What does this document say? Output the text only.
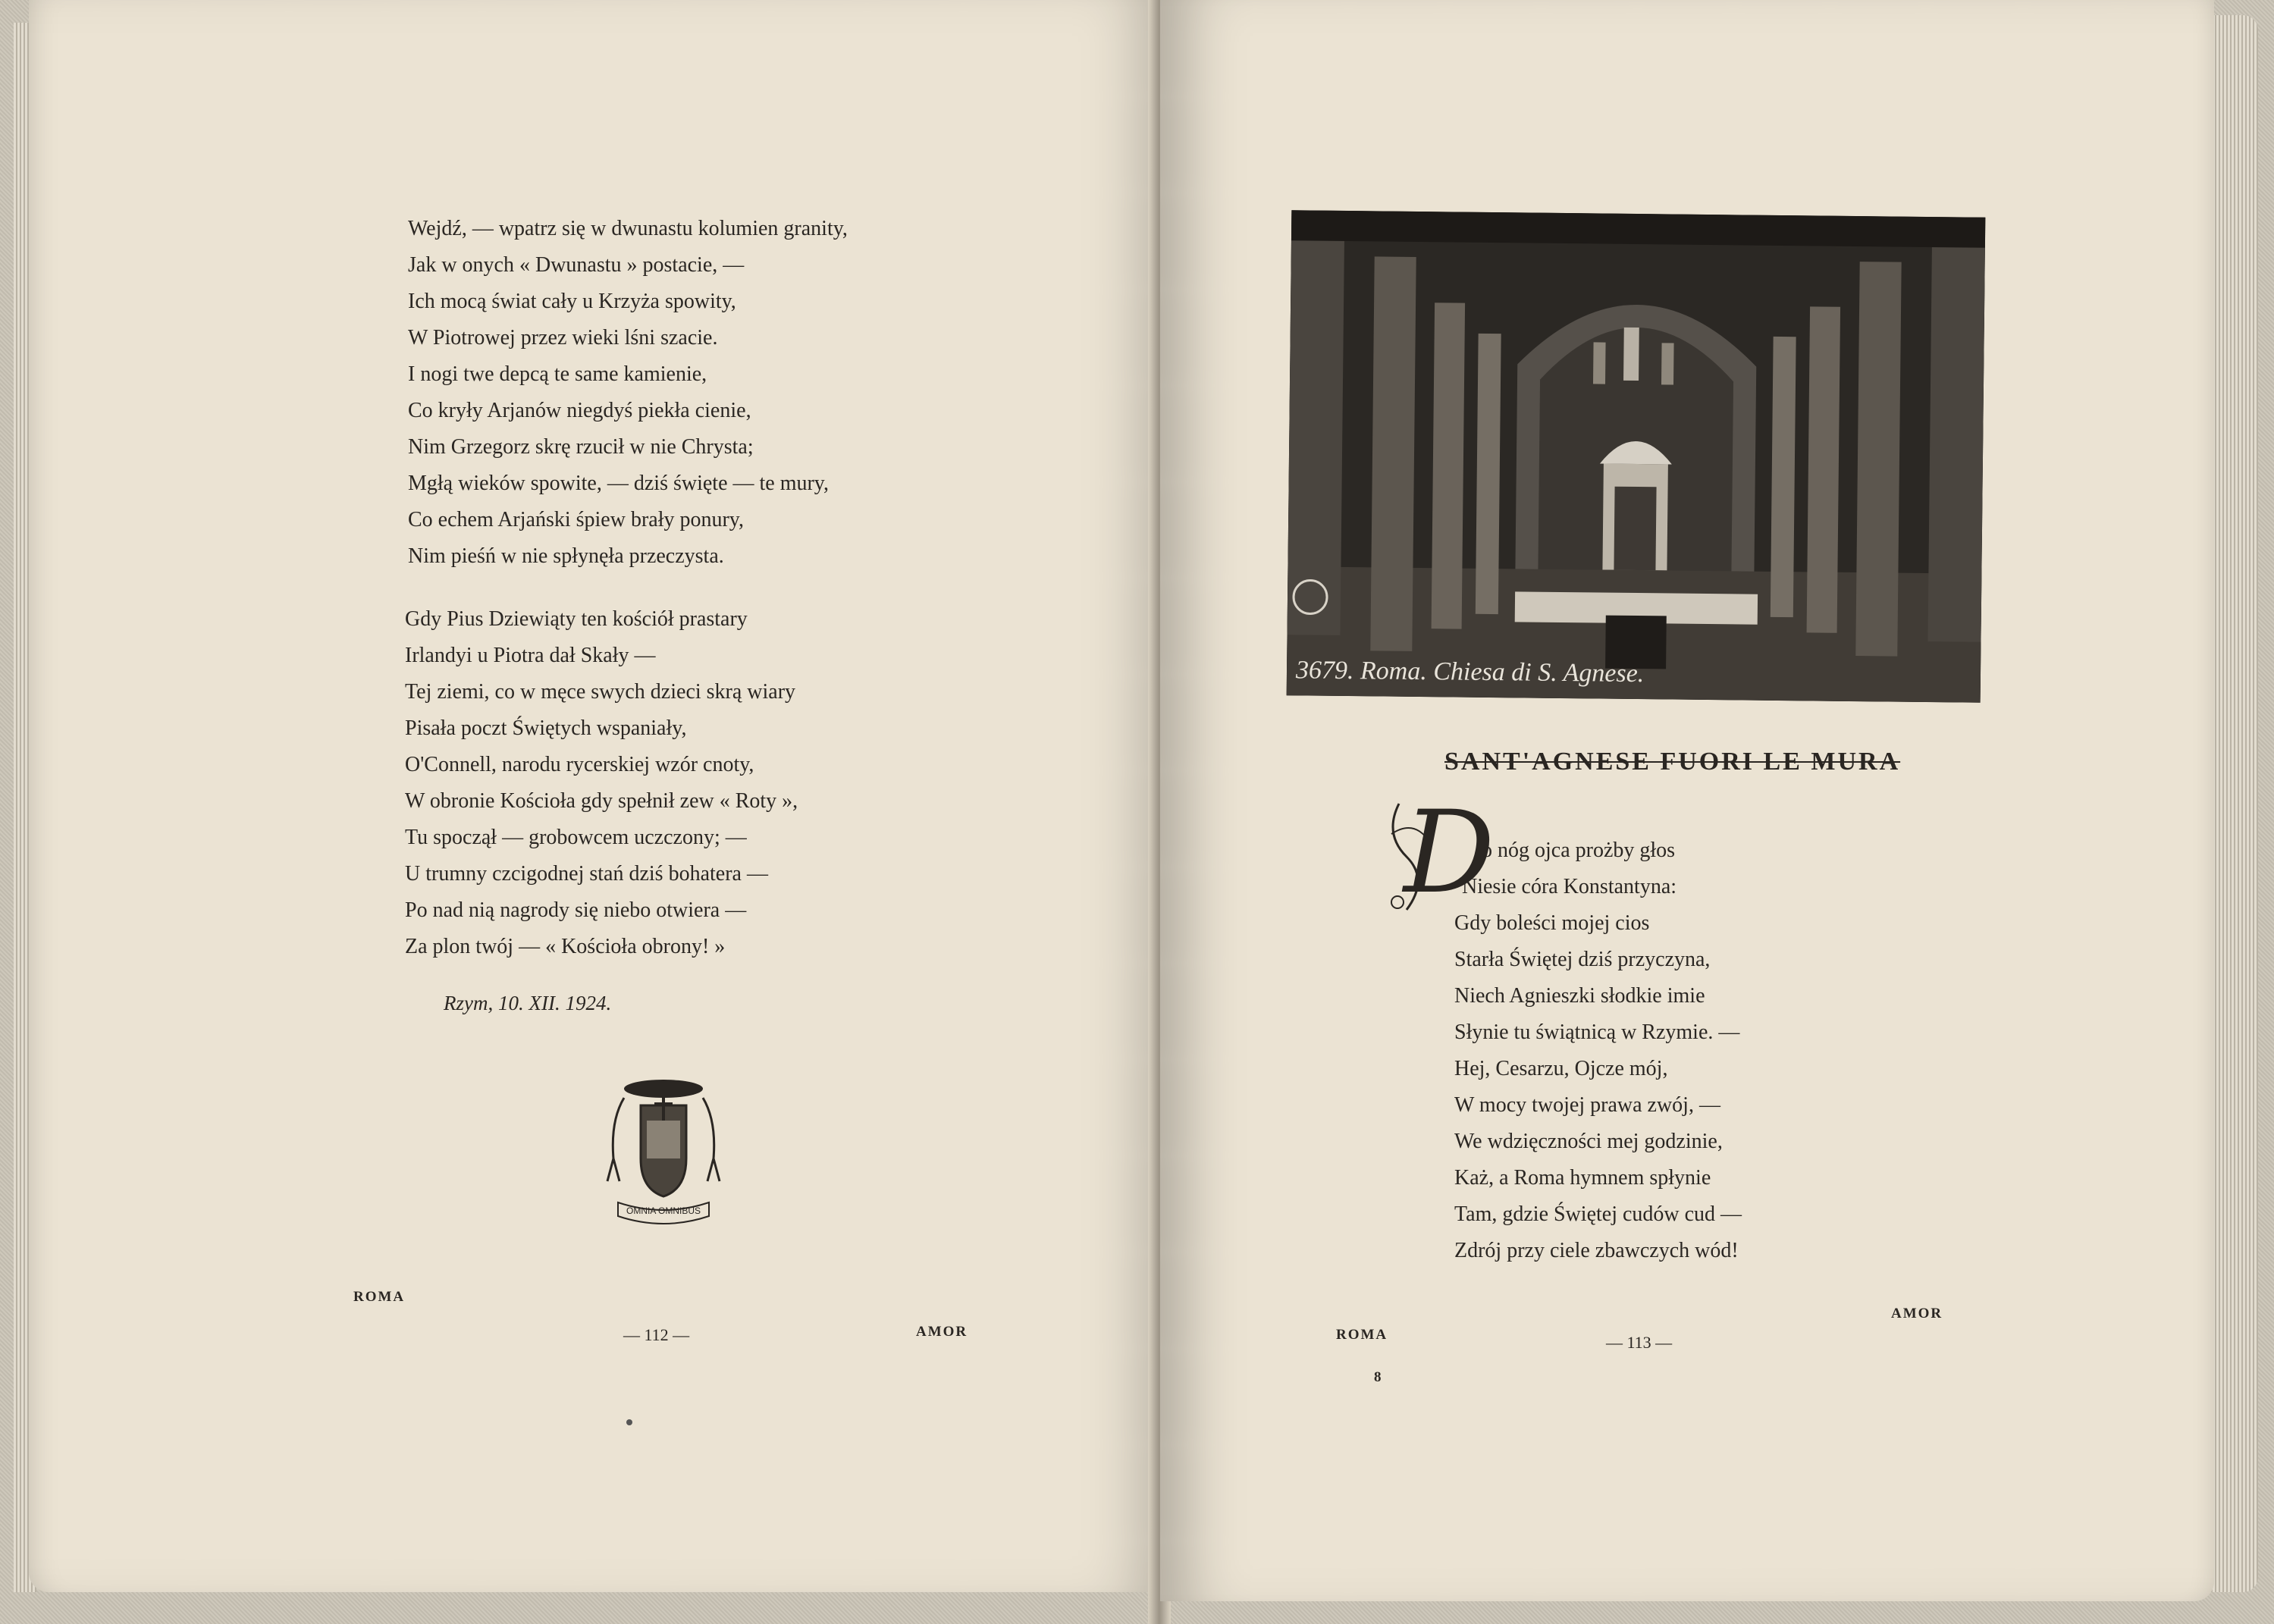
Wejdź, — wpatrz się w dwunastu kolumien granity,
Jak w onych « Dwunastu » postacie, —
Ich mocą świat cały u Krzyża spowity,
W Piotrowej przez wieki lśni szacie.
I nogi twe depcą te same kamienie,
Co kryły Arjanów niegdyś piekła cienie,
Nim Grzegorz skrę rzucił w nie Chrysta;
Mgłą wieków spowite, — dziś święte — te mury,
Co echem Arjański śpiew brały ponury,
Nim pieśń w nie spłynęła przeczysta.
Gdy Pius Dziewiąty ten kościół prastary
Irlandyi u Piotra dał Skały —
Tej ziemi, co w męce swych dzieci skrą wiary
Pisała poczt Świętych wspaniały,
O'Connell, narodu rycerskiej wzór cnoty,
W obronie Kościoła gdy spełnił zew « Roty »,
Tu spoczął — grobowcem uczczony; —
U trumny czcigodnej stań dziś bohatera —
Po nad nią nagrody się niebo otwiera —
Za plon twój — « Kościoła obrony! »
Rzym, 10. XII. 1924.
OMNIA OMNIBUS
ROMA
— 112 —	AMOR
3679. Roma. Chiesa di S. Agnese.
SANT'AGNESE FUORI LE MURA
D
o nóg ojca prożby głos
Niesie córa Konstantyna:
Gdy boleści mojej cios
Starła Świętej dziś przyczyna,
Niech Agnieszki słodkie imie
Słynie tu świątnicą w Rzymie. —
Hej, Cesarzu, Ojcze mój,
W mocy twojej prawa zwój, —
We wdzięczności mej godzinie,
Każ, a Roma hymnem spłynie
Tam, gdzie Świętej cudów cud —
Zdrój przy ciele zbawczych wód!
ROMA
8
— 113 —
AMOR
